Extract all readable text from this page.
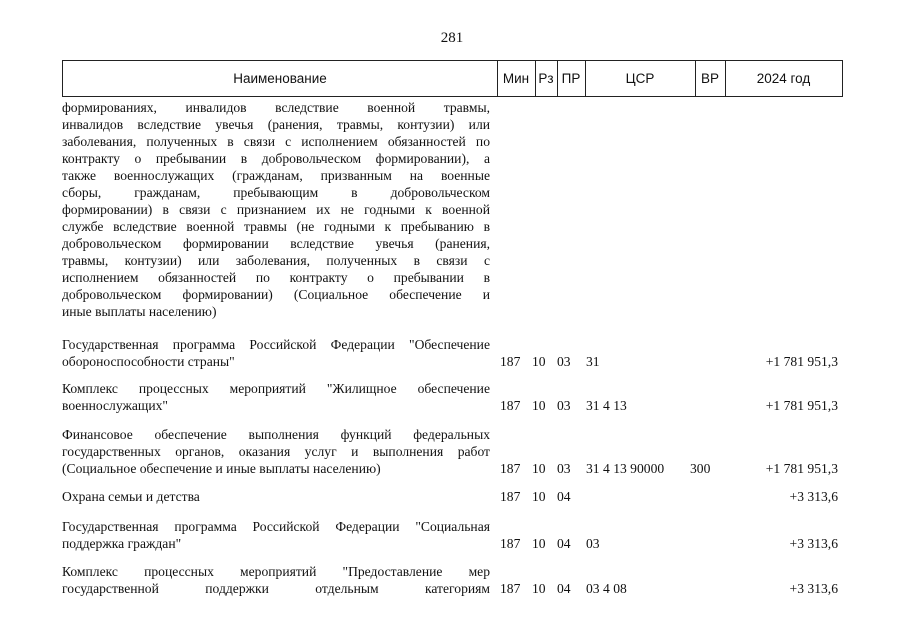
281
Наименование	Мин Рз ПР	ЦСР	ВР	2024 год
формированиях, инвалидов вследствие военной травмы,
инвалидов вследствие увечья (ранения, травмы, контузии) или
заболевания, полученных в связи с исполнением обязанностей по
контракту о пребывании в добровольческом формировании), а
также военнослужащих (гражданам, призванным на военные
сборы, гражданам, пребывающим в добровольческом
формировании) в связи с признанием их не годными к военной
службе вследствие военной травмы (не годными к пребыванию в
добровольческом формировании вследствие увечья (ранения,
травмы, контузии) или заболевания, полученных в связи с
исполнением обязанностей по контракту о пребывании в
добровольческом формировании) (Социальное обеспечение и
иные выплаты населению)
Государственная программа Российской Федерации "Обеспечение
обороноспособности страны"	187 10 03 31	+1 781 951,3
Комплекс процессных мероприятий "Жилищное обеспечение
военнослужащих"	187 10 03 31 4 13	+1 781 951,3
Финансовое обеспечение выполнения функций федеральных
государственных органов, оказания услуг и выполнения работ
(Социальное обеспечение и иные выплаты населению)	187 10 03 31 4 13 90000 300	+1 781 951,3
Охрана семьи и детства	187 10 04	+3 313,6
Государственная программа Российской Федерации "Социальная
поддержка граждан"	187 10 04 03	+3 313,6
Комплекс процессных мероприятий "Предоставление мер
государственной поддержки отдельным категориям 187 10 04 03 4 08	+3 313,6
